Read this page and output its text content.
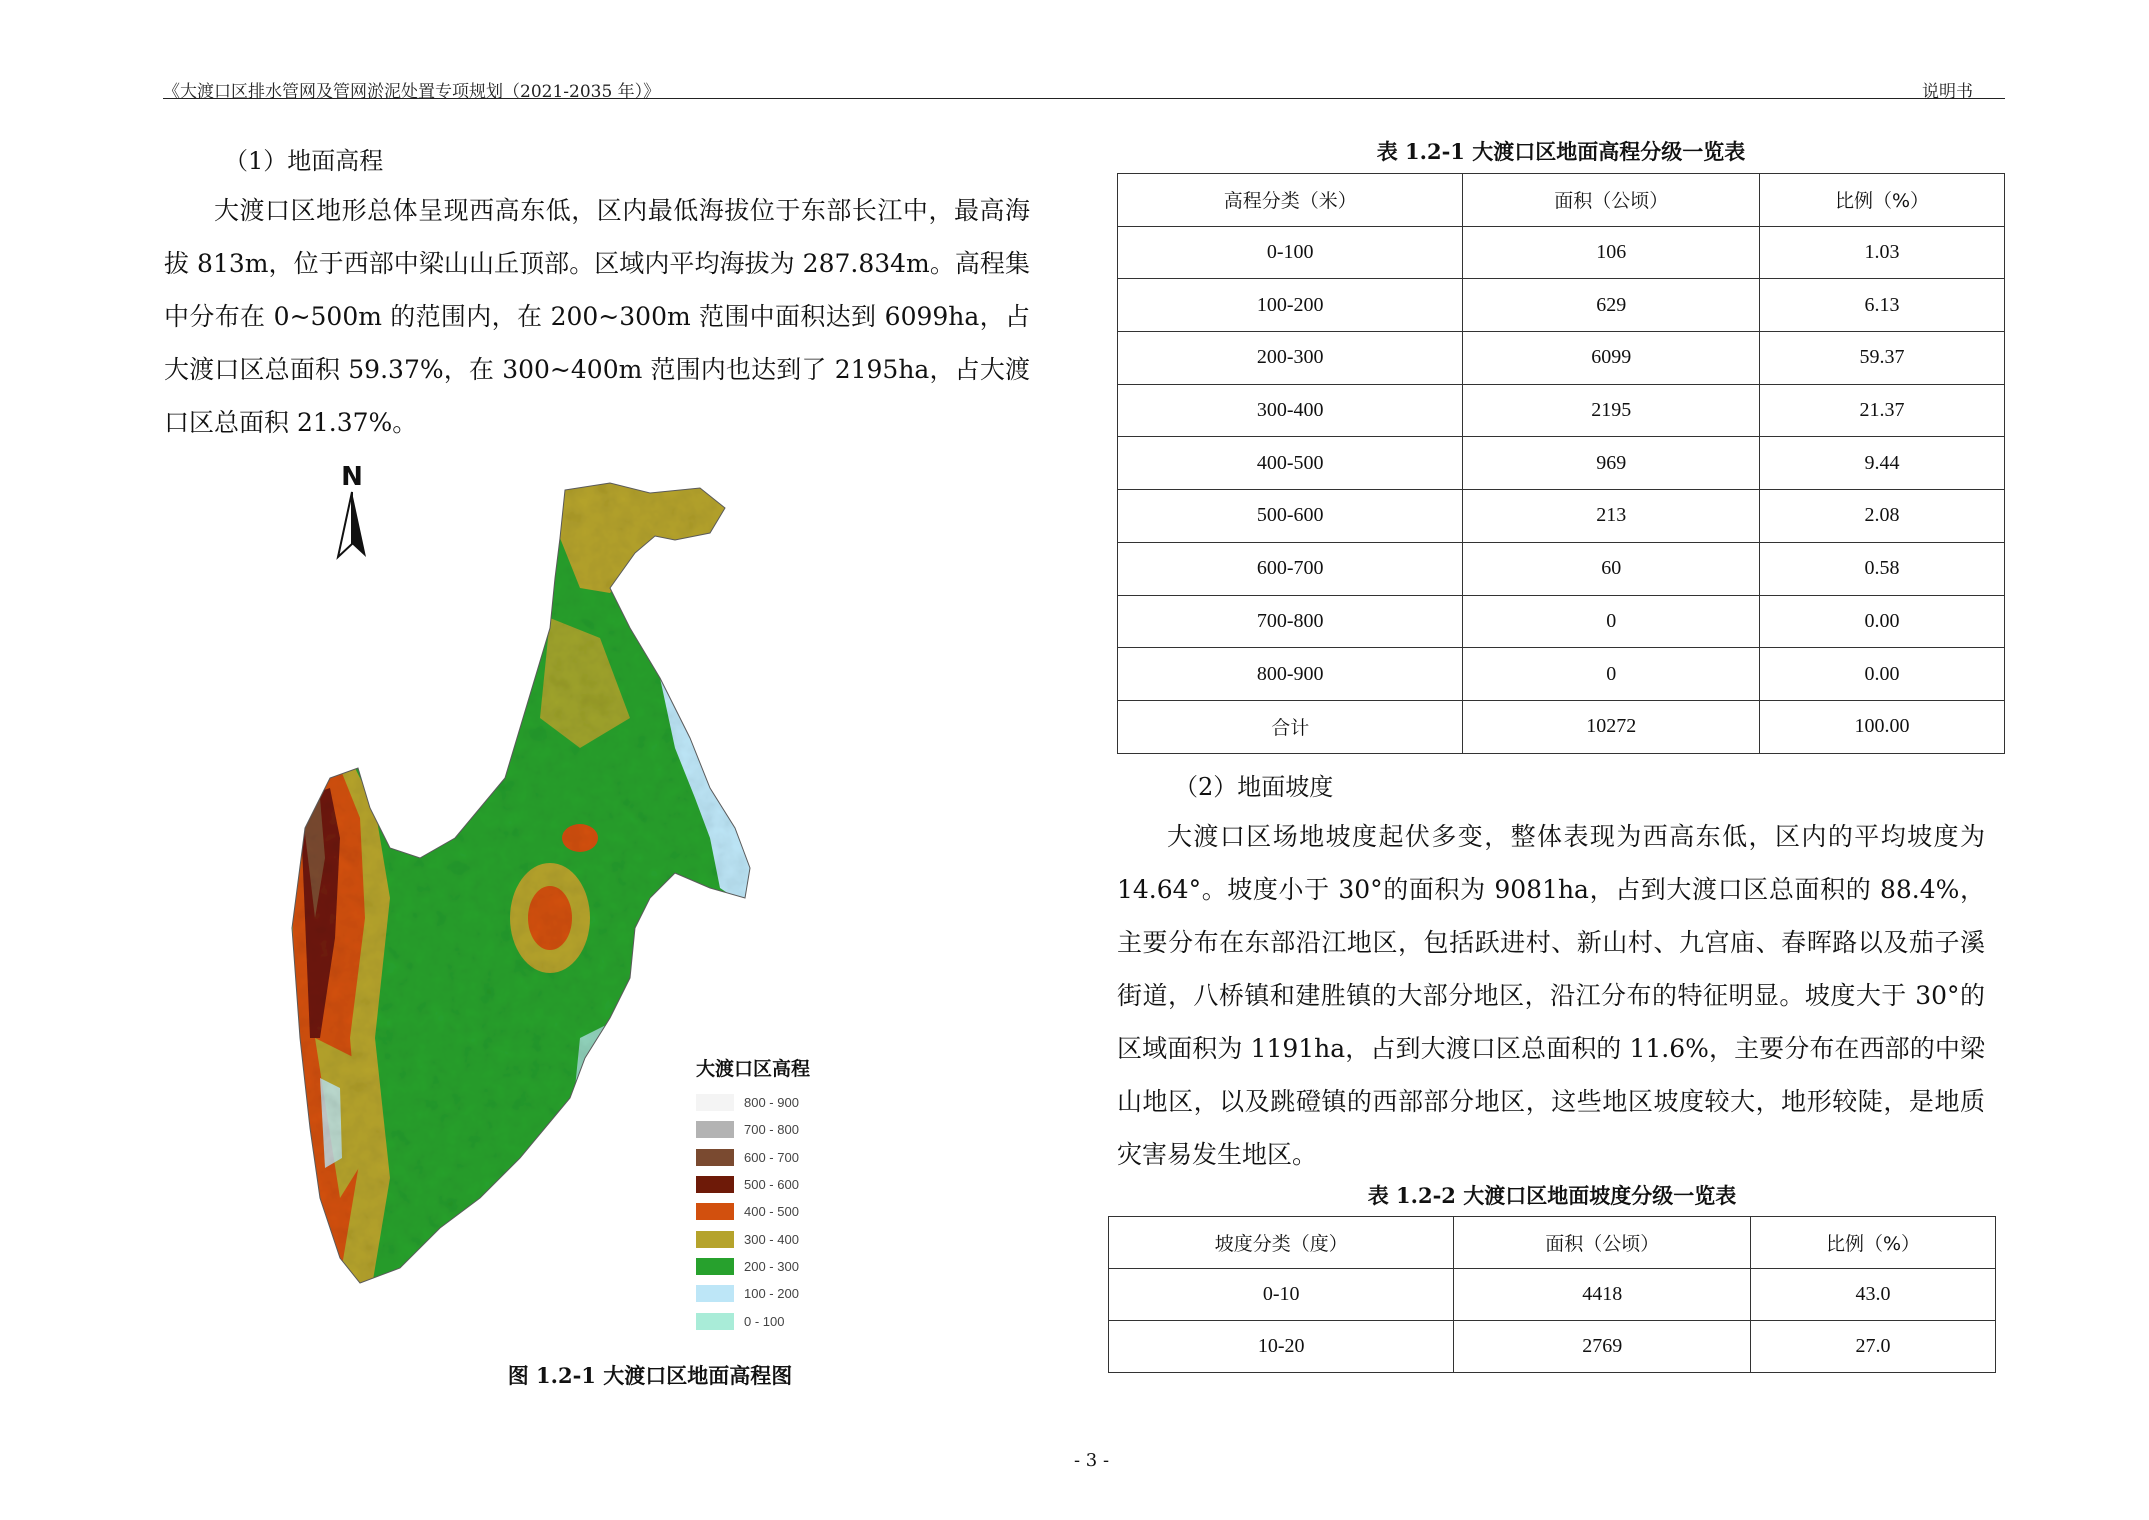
《大渡口区排水管网及管网淤泥处置专项规划（2021-2035 年）》	说明书
（1）地面高程
大渡口区地形总体呈现西高东低，区内最低海拔位于东部长江中，最高海拔 813m，位于西部中梁山山丘顶部。区域内平均海拔为 287.834m。高程集中分布在 0~500m 的范围内，在 200~300m 范围中面积达到 6099ha，占大渡口区总面积 59.37%，在 300~400m 范围内也达到了 2195ha，占大渡口区总面积 21.37%。
N
大渡口区高程
800 - 900
700 - 800
600 - 700
500 - 600
400 - 500
300 - 400
200 - 300
100 - 200
0 - 100
图 1.2-1 大渡口区地面高程图
表 1.2-1 大渡口区地面高程分级一览表
高程分类（米）	面积（公顷）	比例（%）
0-100	106	1.03
100-200	629	6.13
200-300	6099	59.37
300-400	2195	21.37
400-500	969	9.44
500-600	213	2.08
600-700	60	0.58
700-800	0	0.00
800-900	0	0.00
合计	10272	100.00
（2）地面坡度
大渡口区场地坡度起伏多变，整体表现为西高东低，区内的平均坡度为 14.64°。坡度小于 30°的面积为 9081ha，占到大渡口区总面积的 88.4%，主要分布在东部沿江地区，包括跃进村、新山村、九宫庙、春晖路以及茄子溪街道，八桥镇和建胜镇的大部分地区，沿江分布的特征明显。坡度大于 30°的区域面积为 1191ha，占到大渡口区总面积的 11.6%，主要分布在西部的中梁山地区，以及跳磴镇的西部部分地区，这些地区坡度较大，地形较陡，是地质灾害易发生地区。
表 1.2-2 大渡口区地面坡度分级一览表
坡度分类（度）	面积（公顷）	比例（%）
0-10	4418	43.0
10-20	2769	27.0
- 3 -
